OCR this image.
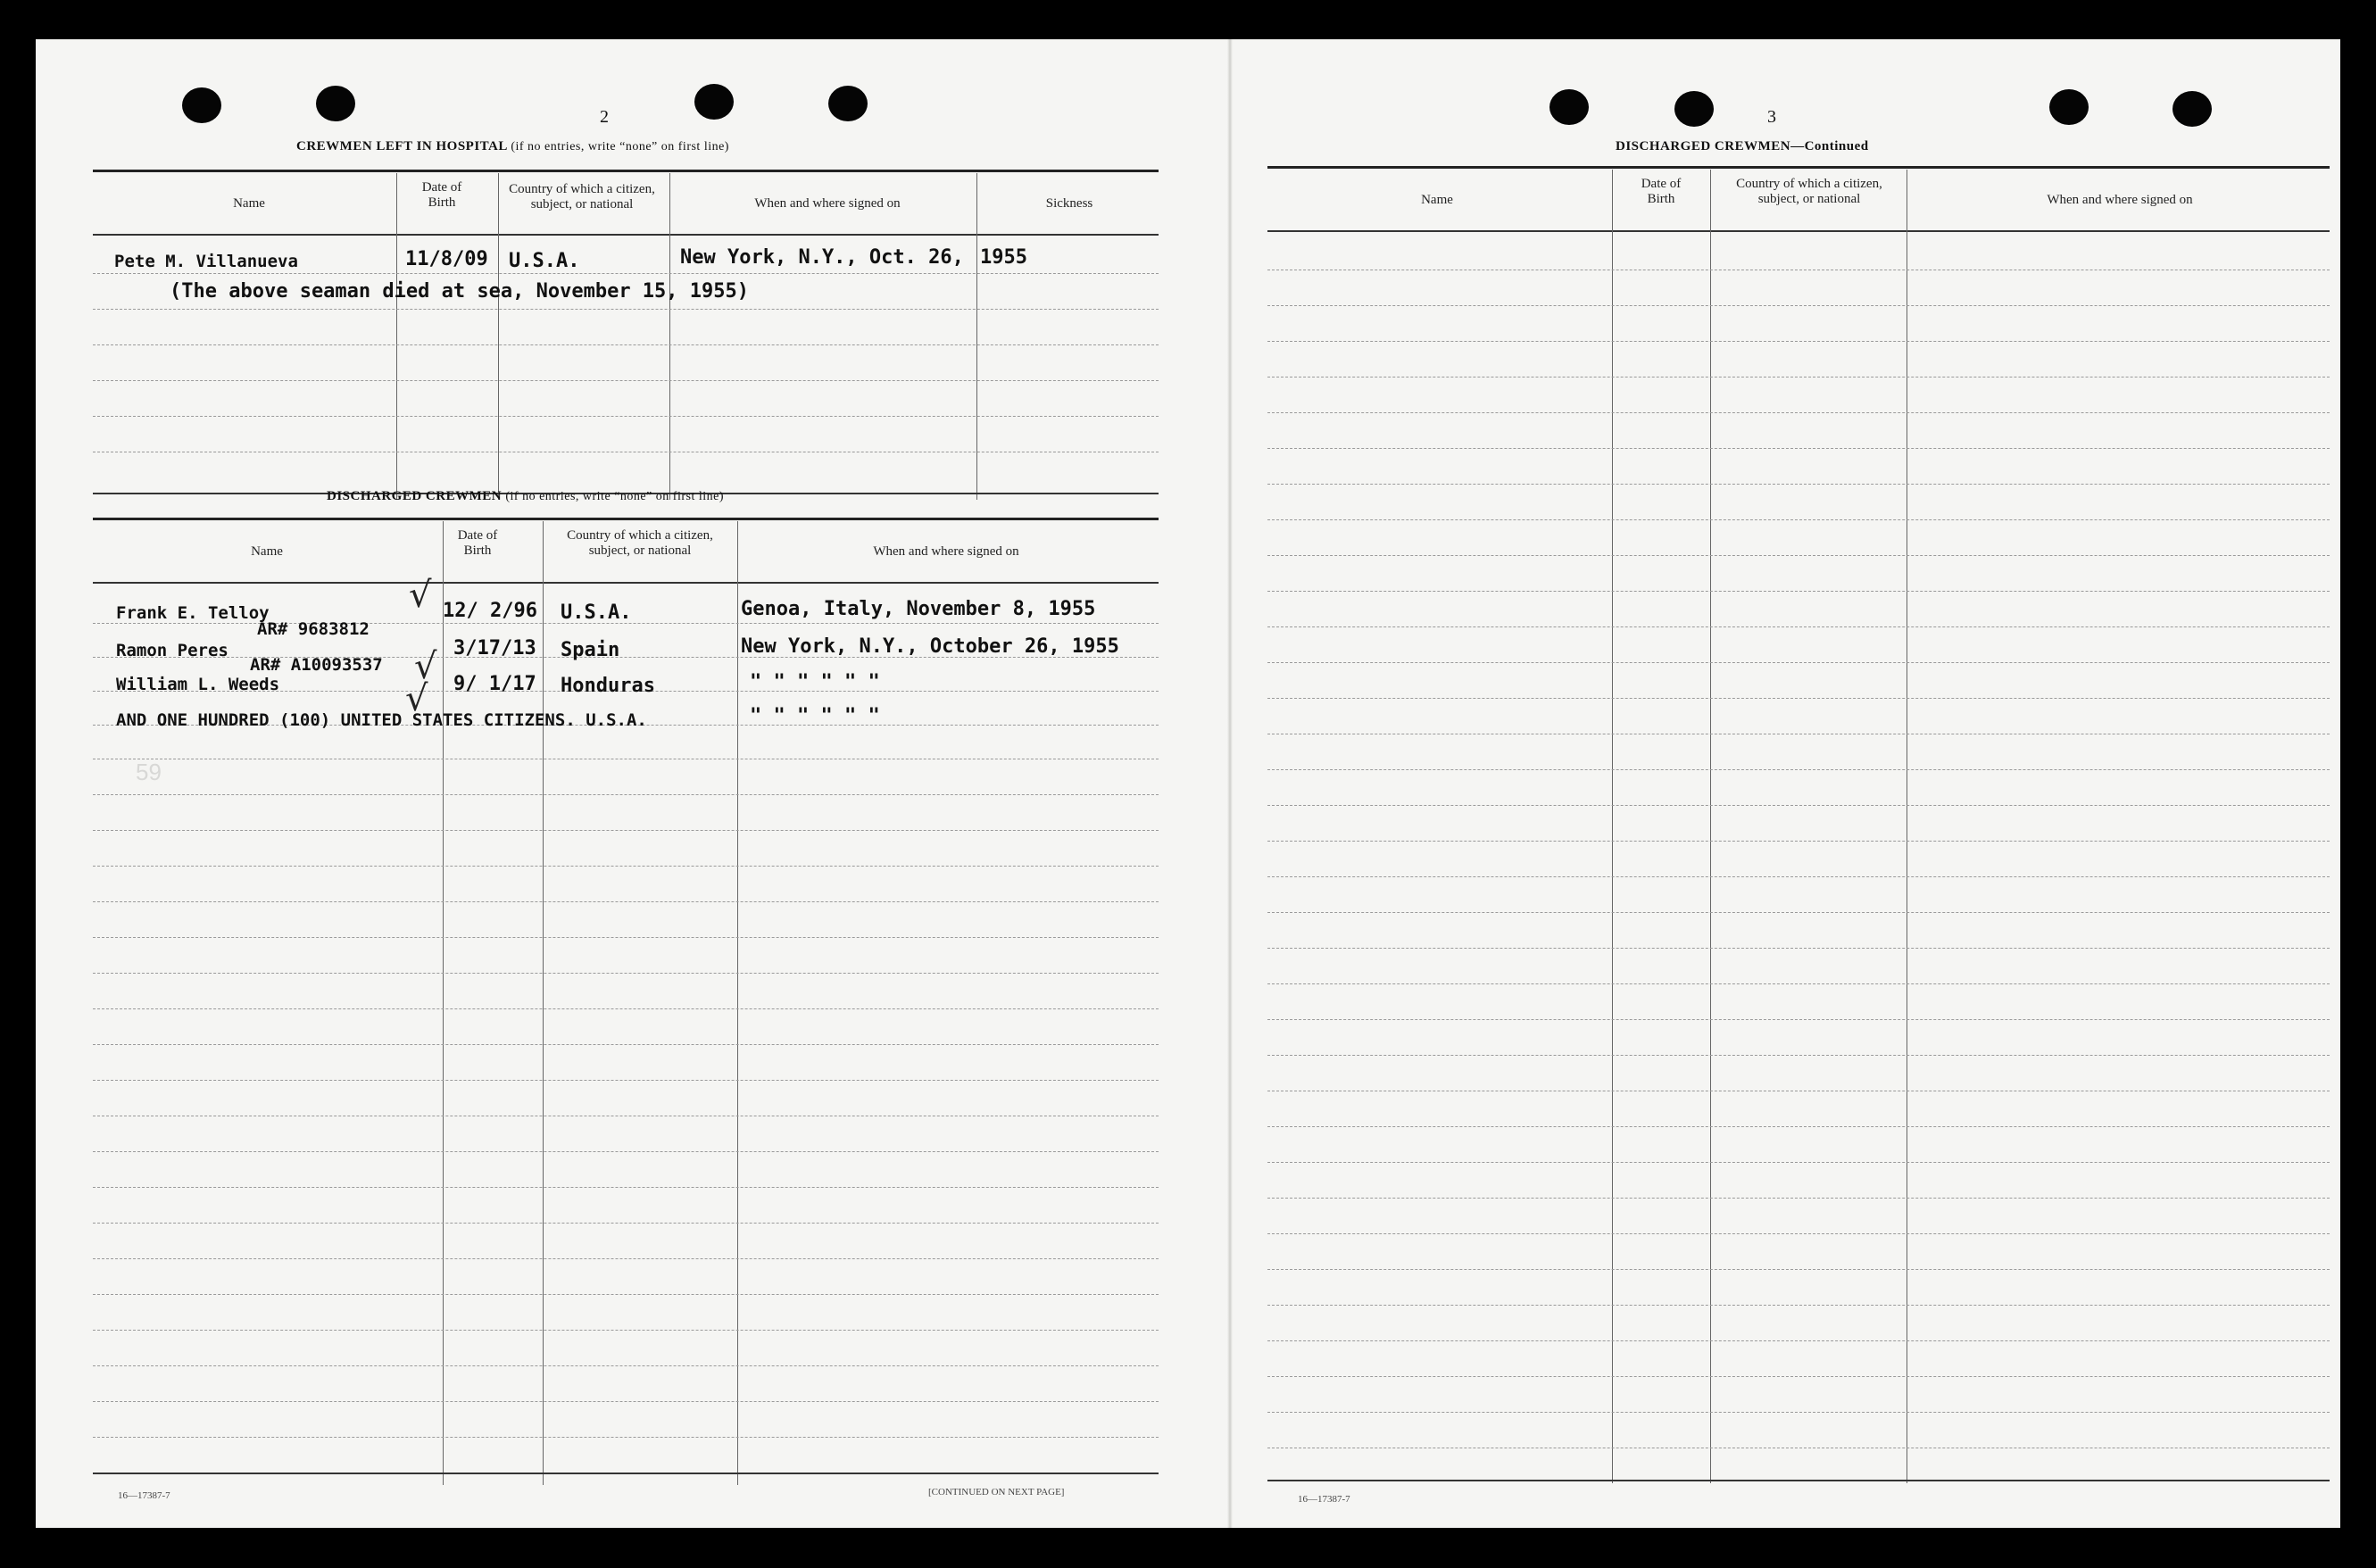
2
CREWMEN LEFT IN HOSPITAL (if no entries, write “none” on first line)
Name
Date of Birth
Country of which a citizen, subject, or national	When and where signed on	Sickness
Pete M. Villanueva	11/8/09 U.S.A.	New York, N.Y., Oct. 26, 1955
(The above seaman died at sea, November 15, 1955)
DISCHARGED CREWMEN (if no entries, write “none” on first line)
Name
Date of Birth
Country of which a citizen, subject, or national	When and where signed on
59
Frank E. Telloy
AR# 9683812
12/ 2/96 U.S.A.	Genoa, Italy, November 8, 1955
Ramon Peres
AR# A10093537
3/17/13 Spain	New York, N.Y., October 26, 1955
William L. Weeds	9/ 1/17 Honduras	" " " " " "
AND ONE HUNDRED (100) UNITED STATES CITIZENS. U.S.A.	" " " " " "
√
√
√
16—17387-7	[CONTINUED ON NEXT PAGE]
3
DISCHARGED CREWMEN—Continued
Name
Date of Birth
Country of which a citizen, subject, or national	When and where signed on
16—17387-7
